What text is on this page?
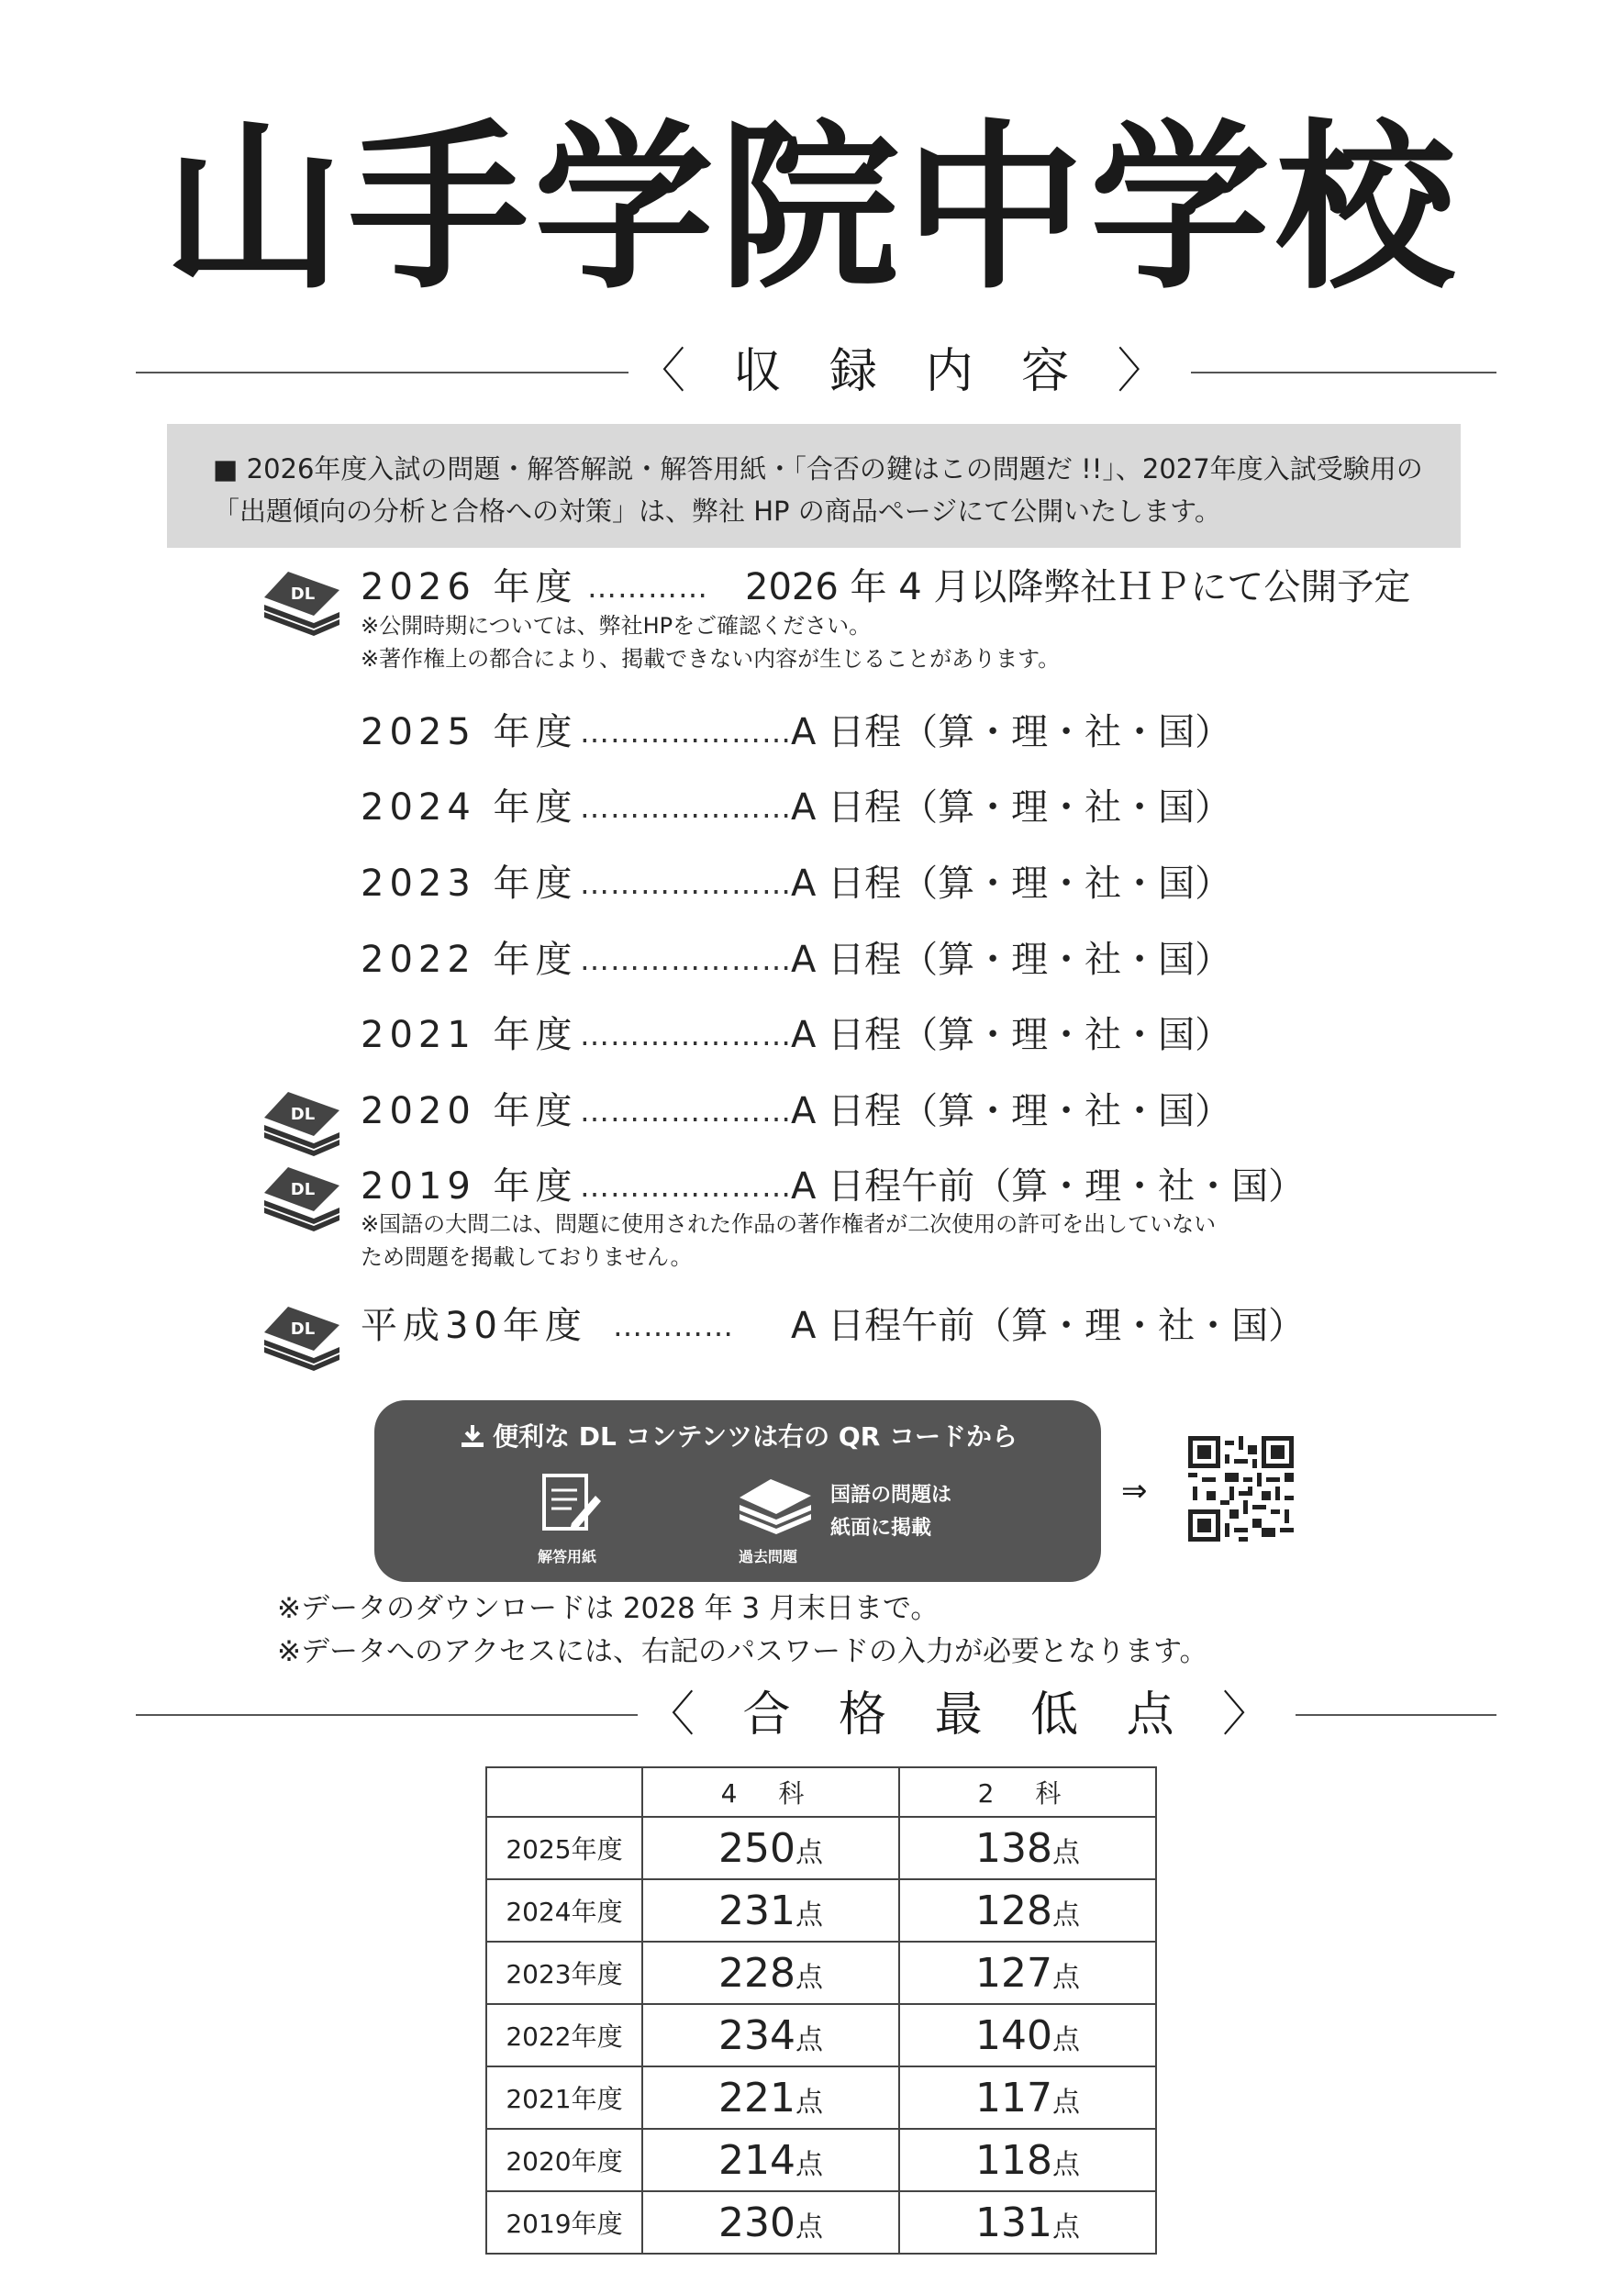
山手学院中学校
〈 収 録 内 容 〉
■ 2026年度入試の問題・解答解説・解答用紙・「合否の鍵はこの問題だ !!」、2027年度入試受験用の「出題傾向の分析と合格への対策」は、弊社 HP の商品ページにて公開いたします。
DL 2026 年度 ………… 2026 年 4 月以降弊社ＨＰにて公開予定
※公開時期については、弊社HPをご確認ください。
※著作権上の都合により、掲載できない内容が生じることがあります。
2025 年度 ………………… A 日程（算・理・社・国）
2024 年度 ………………… A 日程（算・理・社・国）
2023 年度 ………………… A 日程（算・理・社・国）
2022 年度 ………………… A 日程（算・理・社・国）
2021 年度 ………………… A 日程（算・理・社・国）
DL 2020 年度 ………………… A 日程（算・理・社・国）
DL 2019 年度 ………………… A 日程午前（算・理・社・国）
※国語の大問二は、問題に使用された作品の著作権者が二次使用の許可を出していない
ため問題を掲載しておりません。
DL 平成30年度 ………… A 日程午前（算・理・社・国）
便利な DL コンテンツは右の QR コードから
解答用紙	過去問題
国語の問題は
紙面に掲載
⇒
※データのダウンロードは 2028 年 3 月末日まで。
※データへのアクセスには、右記のパスワードの入力が必要となります。
〈 合 格 最 低 点 〉
	4 科	2 科
2025年度	250点	138点
2024年度	231点	128点
2023年度	228点	127点
2022年度	234点	140点
2021年度	221点	117点
2020年度	214点	118点
2019年度	230点	131点
